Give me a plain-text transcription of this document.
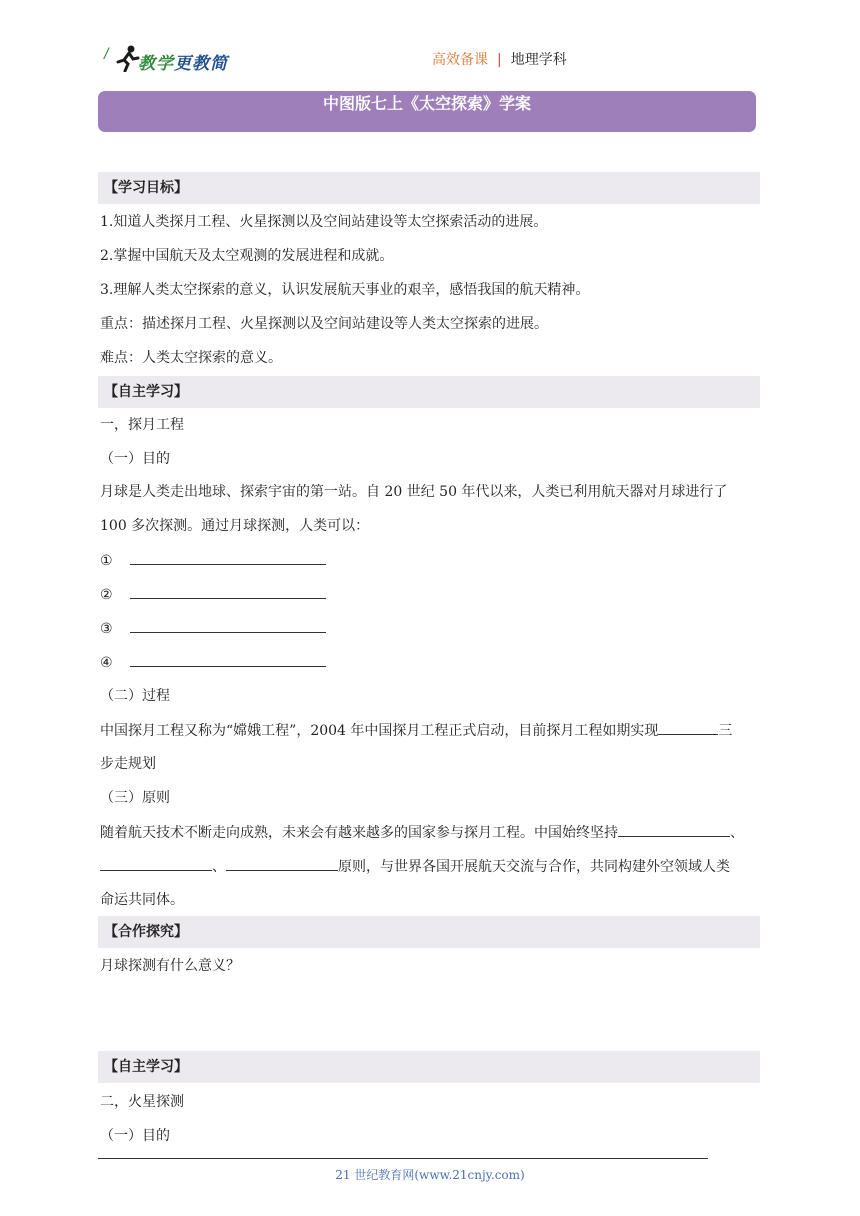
/ 教学更教简	高效备课 | 地理学科
中图版七上《太空探索》学案
【学习目标】
1.知道人类探月工程、火星探测以及空间站建设等太空探索活动的进展。
2.掌握中国航天及太空观测的发展进程和成就。
3.理解人类太空探索的意义，认识发展航天事业的艰辛，感悟我国的航天精神。
重点：描述探月工程、火星探测以及空间站建设等人类太空探索的进展。
难点：人类太空探索的意义。
【自主学习】
一，探月工程
（一）目的
月球是人类走出地球、探索宇宙的第一站。自 20 世纪 50 年代以来，人类已利用航天器对月球进行了
100 多次探测。通过月球探测，人类可以：
①
②
③
④
（二）过程
中国探月工程又称为“嫦娥工程”，2004 年中国探月工程正式启动，目前探月工程如期实现	三
步走规划
（三）原则
随着航天技术不断走向成熟，未来会有越来越多的国家参与探月工程。中国始终坚持	、
、	原则，与世界各国开展航天交流与合作，共同构建外空领域人类
命运共同体。
【合作探究】
月球探测有什么意义？
【自主学习】
二，火星探测
（一）目的
21 世纪教育网(www.21cnjy.com)
